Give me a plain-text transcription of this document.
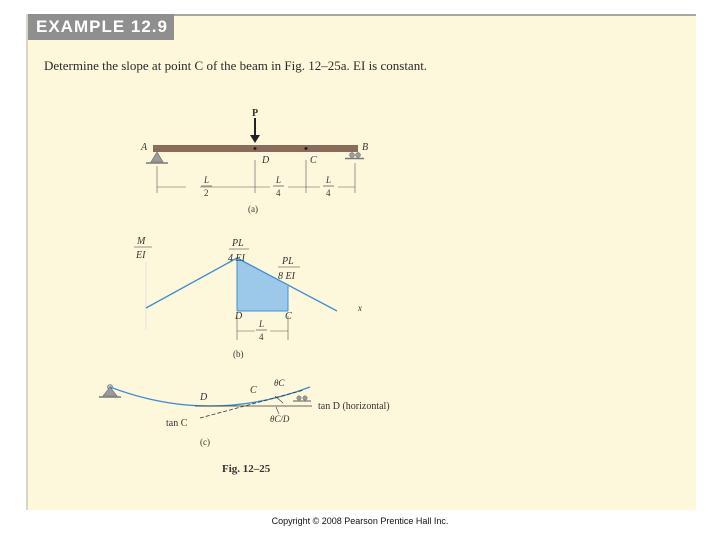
EXAMPLE 12.9
Determine the slope at point C of the beam in Fig. 12–25a. EI is constant.
P
A	B
D	C
L
2
L
4
L
4
(a)
M
EI
PL
4 EI	PL
8 EI
x
D	C
L
4
(b)
D
C
θC
θC/D
tan D (horizontal)
tan C
(c)
Fig. 12–25
Copyright © 2008 Pearson Prentice Hall Inc.
